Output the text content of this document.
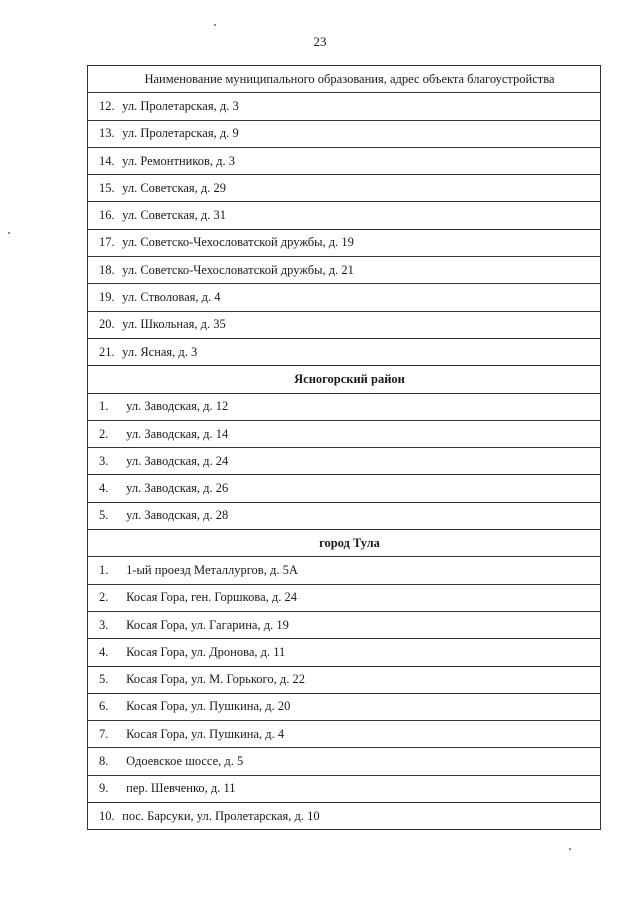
23
Наименование муниципального образования, адрес объекта благоустройства
12. ул. Пролетарская, д. 3
13. ул. Пролетарская, д. 9
14. ул. Ремонтников, д. 3
15. ул. Советская, д. 29
16. ул. Советская, д. 31
17. ул. Советско-Чехословатской дружбы, д. 19
18. ул. Советско-Чехословатской дружбы, д. 21
19. ул. Стволовая, д. 4
20. ул. Школьная, д. 35
21. ул. Ясная, д. 3
Ясногорский район
1. ул. Заводская, д. 12
2. ул. Заводская, д. 14
3. ул. Заводская, д. 24
4. ул. Заводская, д. 26
5. ул. Заводская, д. 28
город Тула
1. 1-ый проезд Металлургов, д. 5А
2. Косая Гора, ген. Горшкова, д. 24
3. Косая Гора, ул. Гагарина, д. 19
4. Косая Гора, ул. Дронова, д. 11
5. Косая Гора, ул. М. Горького, д. 22
6. Косая Гора, ул. Пушкина, д. 20
7. Косая Гора, ул. Пушкина, д. 4
8. Одоевское шоссе, д. 5
9. пер. Шевченко, д. 11
10. пос. Барсуки, ул. Пролетарская, д. 10
